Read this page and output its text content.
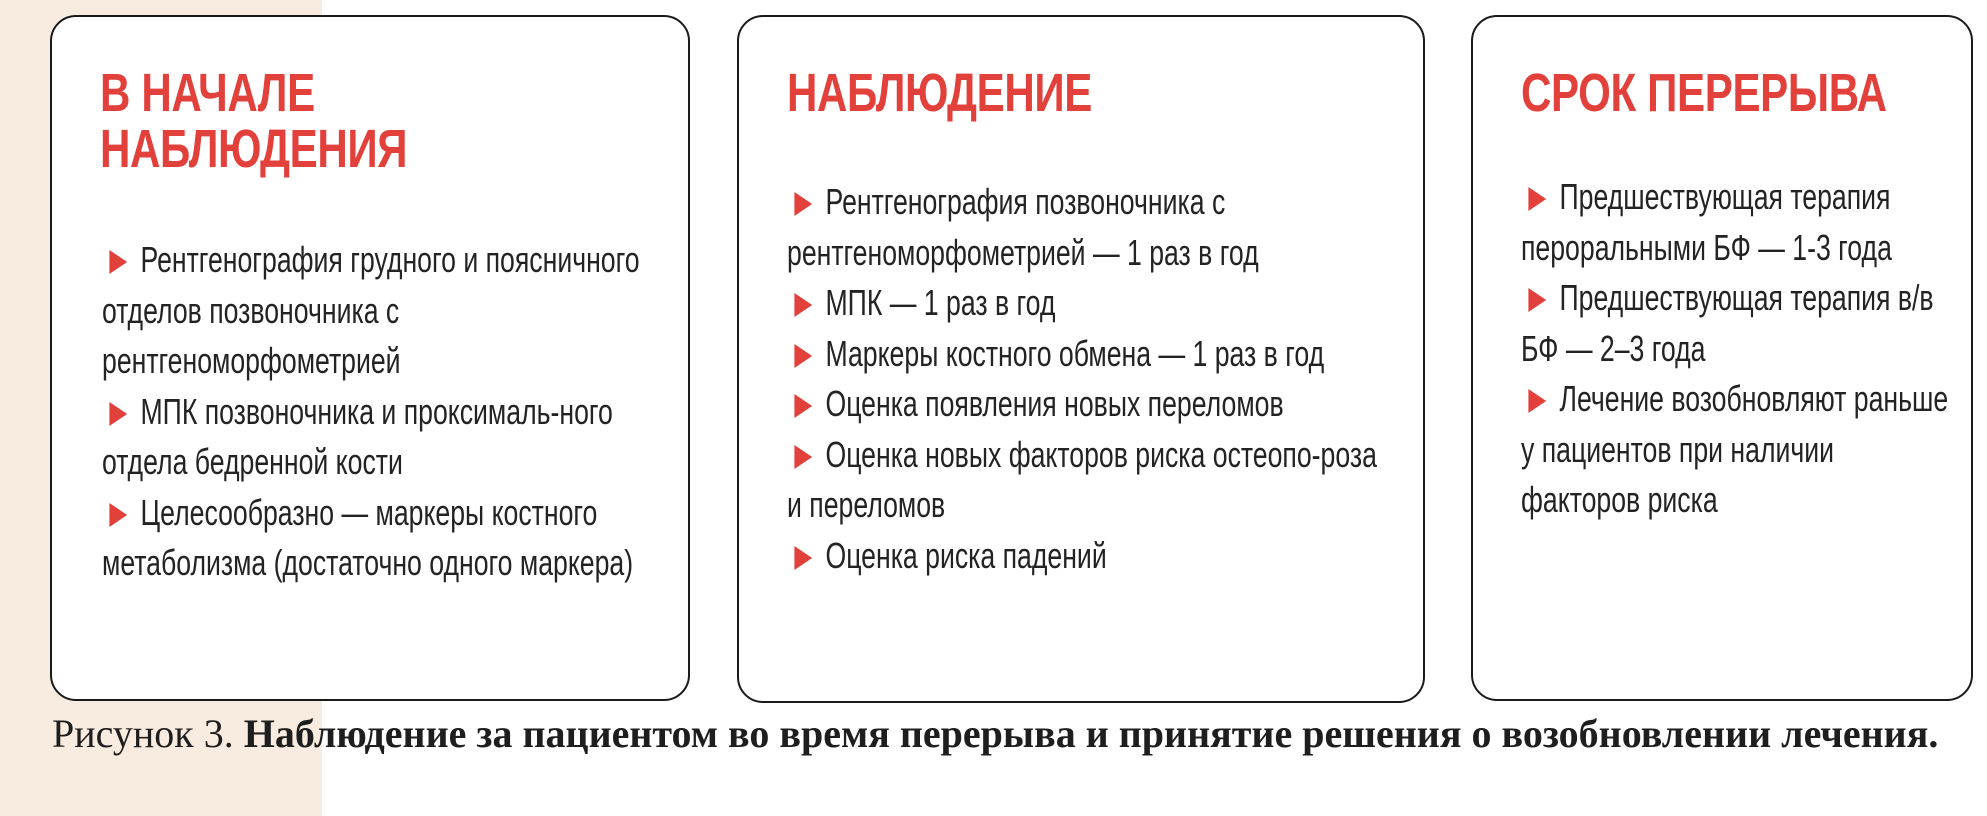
В НАЧАЛЕ
НАБЛЮДЕНИЯ
Рентгенография грудного и поясничного отделов позвоночника с рентгеноморфометрией
МПК позвоночника и проксималь-ного отдела бедренной кости
Целесообразно — маркеры костного метаболизма (достаточно одного маркера)
НАБЛЮДЕНИЕ
Рентгенография позвоночника с рентгеноморфометрией — 1 раз в год
МПК — 1 раз в год
Маркеры костного обмена — 1 раз в год
Оценка появления новых переломов
Оценка новых факторов риска остеопо-роза и переломов
Оценка риска падений
СРОК ПЕРЕРЫВА
Предшествующая терапия пероральными БФ — 1-3 года
Предшествующая терапия в/в БФ — 2–3 года
Лечение возобновляют раньше у пациентов при наличии факторов риска

Рисунок 3. Наблюдение за пациентом во время перерыва и принятие решения о возобновлении лечения.
